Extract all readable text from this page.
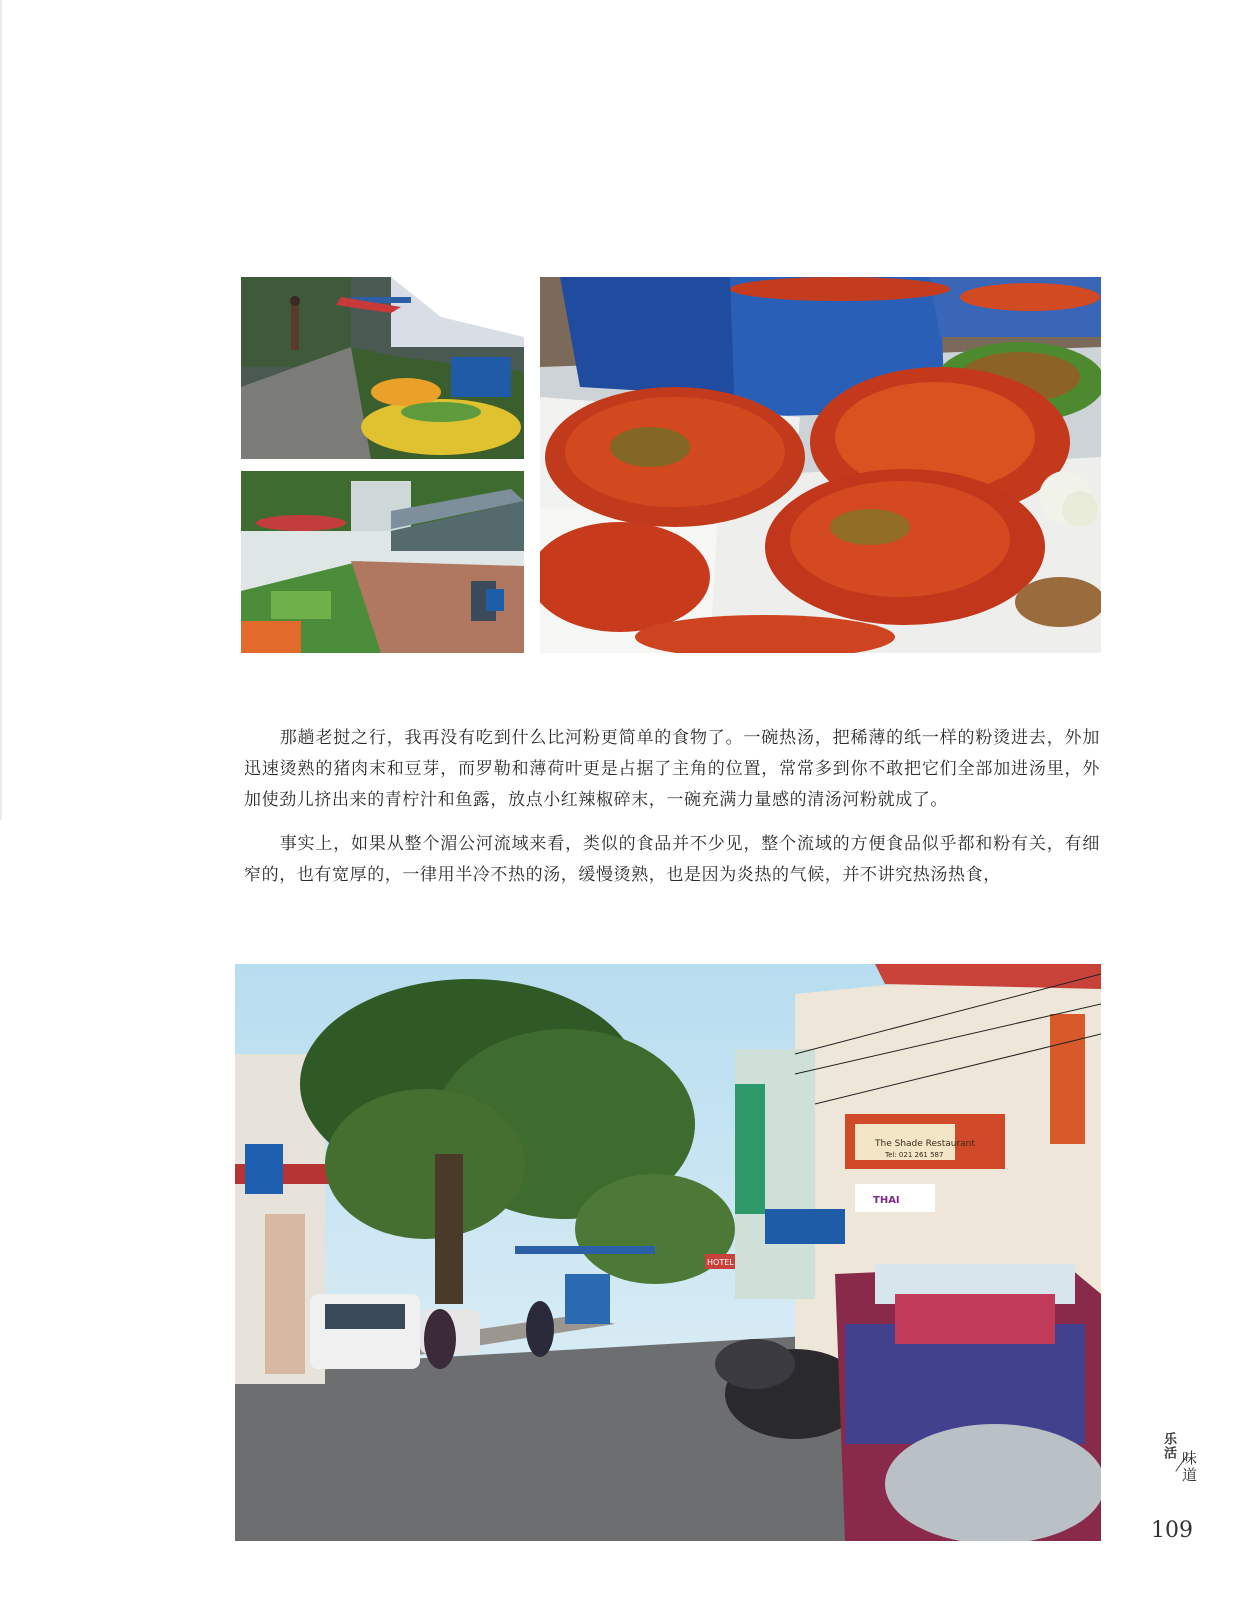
那趟老挝之行，我再没有吃到什么比河粉更简单的食物了。一碗热汤，把稀薄的纸一样的粉烫进去，外加迅速烫熟的猪肉末和豆芽，而罗勒和薄荷叶更是占据了主角的位置，常常多到你不敢把它们全部加进汤里，外加使劲儿挤出来的青柠汁和鱼露，放点小红辣椒碎末，一碗充满力量感的清汤河粉就成了。

事实上，如果从整个湄公河流域来看，类似的食品并不少见，整个流域的方便食品似乎都和粉有关，有细窄的，也有宽厚的，一律用半冷不热的汤，缓慢烫熟，也是因为炎热的气候，并不讲究热汤热食，

The Shade Restaurant
Tel: 021 261 587
THAI
HOTEL
乐活
味道
109
